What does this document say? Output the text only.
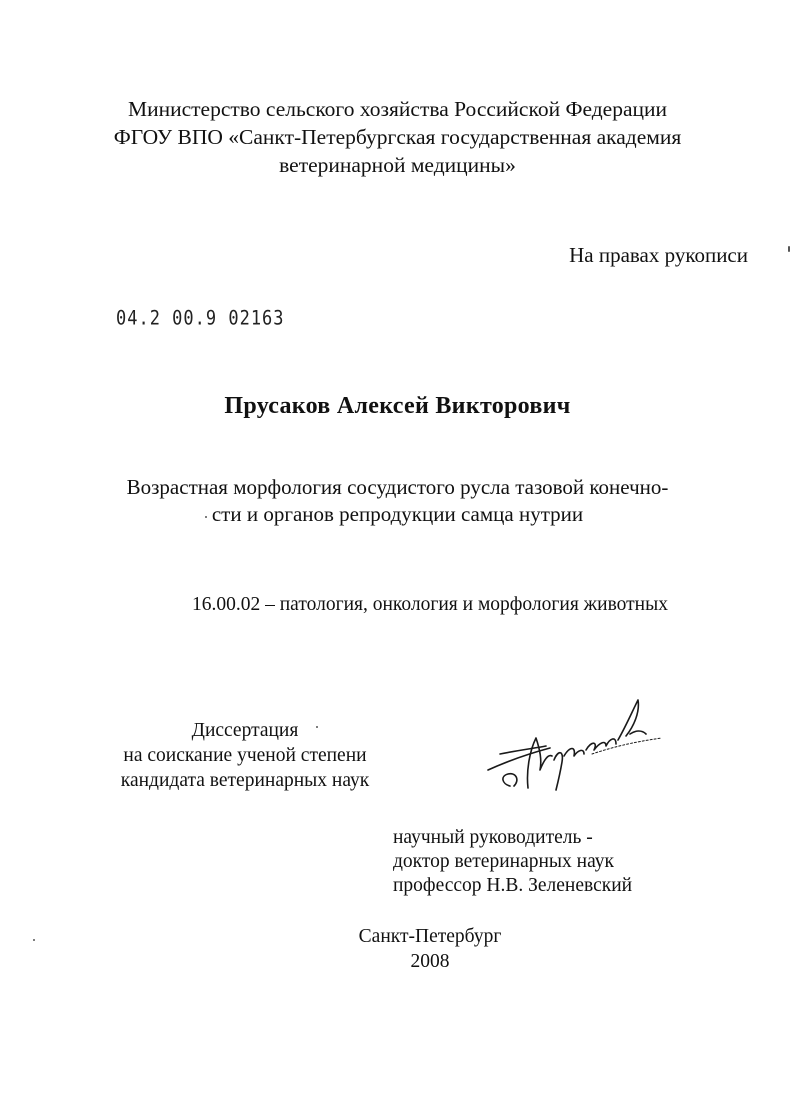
Министерство сельского хозяйства Российской Федерации
ФГОУ ВПО «Санкт-Петербургская государственная академия
ветеринарной медицины»
На правах рукописи
04.2 00.9 02163
Прусаков Алексей Викторович
Возрастная морфология сосудистого русла тазовой конечно-
сти и органов репродукции самца нутрии
16.00.02 – патология, онкология и морфология животных
Диссертация
на соискание ученой степени
кандидата ветеринарных наук
научный руководитель -
доктор ветеринарных наук
профессор Н.В. Зеленевский
Санкт-Петербург
2008
